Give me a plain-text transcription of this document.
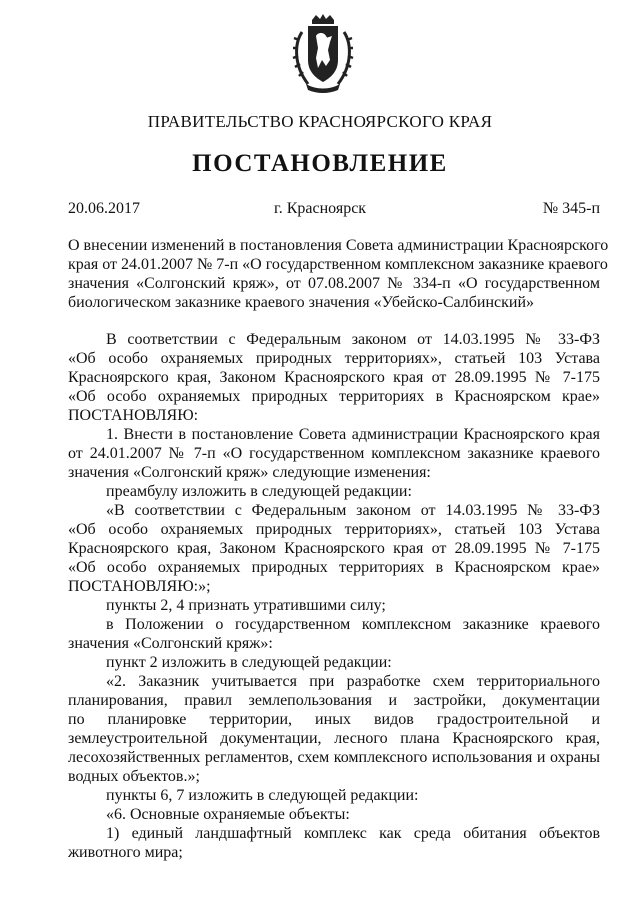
ПРАВИТЕЛЬСТВО КРАСНОЯРСКОГО КРАЯ
ПОСТАНОВЛЕНИЕ
20.06.2017	г. Красноярск	№ 345-п
О внесении изменений в постановления Совета администрации Красноярского
края от 24.01.2007 № 7-п «О государственном комплексном заказнике краевого
значения «Солгонский кряж», от 07.08.2007 № 334-п «О государственном
биологическом заказнике краевого значения «Убейско-Салбинский»
В соответствии с Федеральным законом от 14.03.1995 № 33-ФЗ
«Об особо охраняемых природных территориях», статьей 103 Устава
Красноярского края, Законом Красноярского края от 28.09.1995 № 7-175
«Об особо охраняемых природных территориях в Красноярском крае»
ПОСТАНОВЛЯЮ:
1. Внести в постановление Совета администрации Красноярского края
от 24.01.2007 № 7-п «О государственном комплексном заказнике краевого
значения «Солгонский кряж» следующие изменения:
преамбулу изложить в следующей редакции:
«В соответствии с Федеральным законом от 14.03.1995 № 33-ФЗ
«Об особо охраняемых природных территориях», статьей 103 Устава
Красноярского края, Законом Красноярского края от 28.09.1995 № 7-175
«Об особо охраняемых природных территориях в Красноярском крае»
ПОСТАНОВЛЯЮ:»;
пункты 2, 4 признать утратившими силу;
в Положении о государственном комплексном заказнике краевого
значения «Солгонский кряж»:
пункт 2 изложить в следующей редакции:
«2. Заказник учитывается при разработке схем территориального
планирования, правил землепользования и застройки, документации
по планировке территории, иных видов градостроительной и
землеустроительной документации, лесного плана Красноярского края,
лесохозяйственных регламентов, схем комплексного использования и охраны
водных объектов.»;
пункты 6, 7 изложить в следующей редакции:
«6. Основные охраняемые объекты:
1) единый ландшафтный комплекс как среда обитания объектов
животного мира;
